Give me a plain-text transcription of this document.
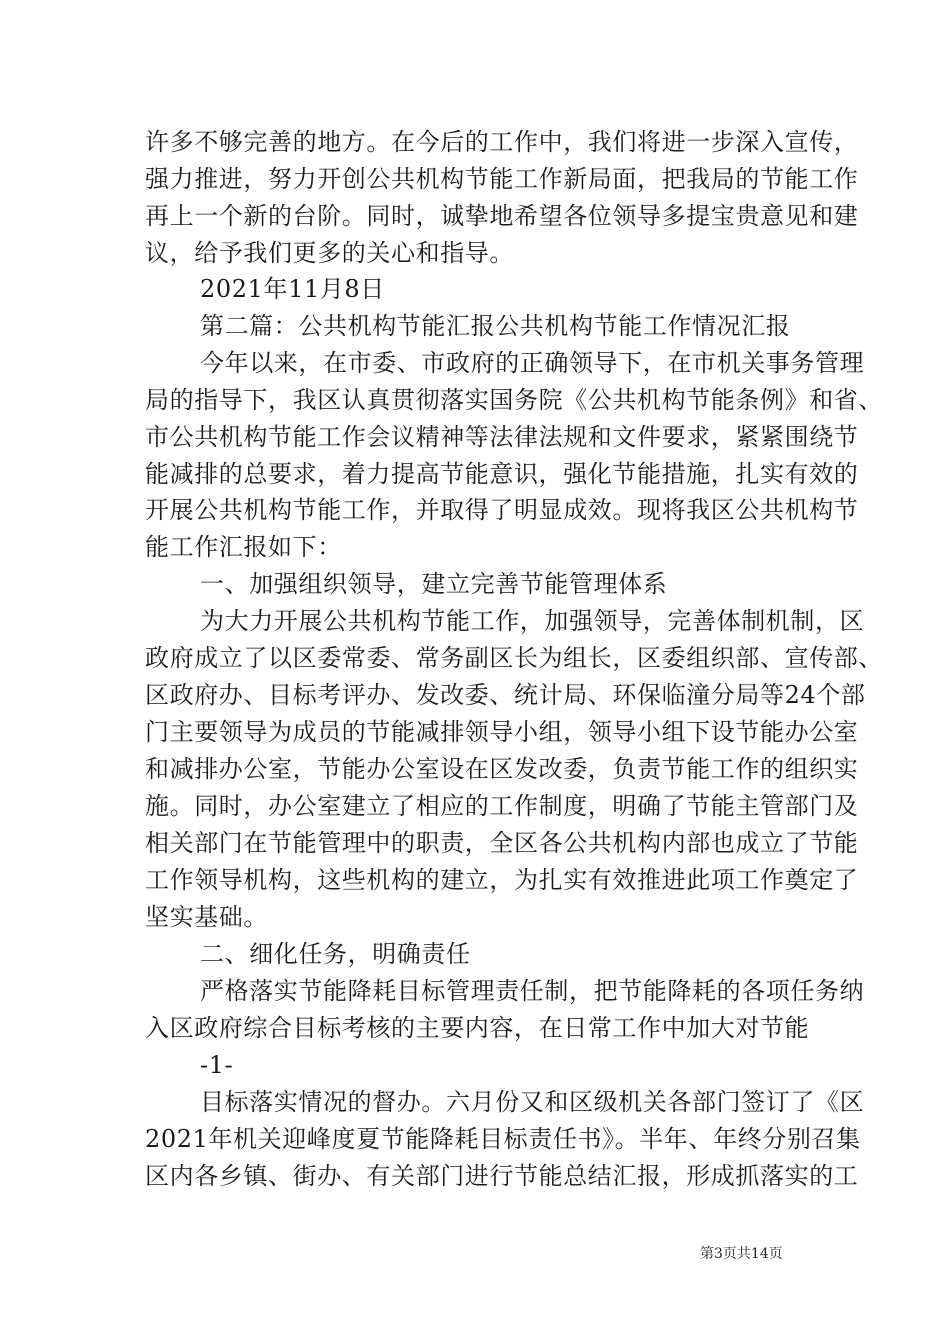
许多不够完善的地方。在今后的工作中，我们将进一步深入宣传，
强力推进，努力开创公共机构节能工作新局面，把我局的节能工作
再上一个新的台阶。同时，诚挚地希望各位领导多提宝贵意见和建
议，给予我们更多的关心和指导。
2021年11月8日
第二篇：公共机构节能汇报公共机构节能工作情况汇报
今年以来，在市委、市政府的正确领导下，在市机关事务管理
局的指导下，我区认真贯彻落实国务院《公共机构节能条例》和省、
市公共机构节能工作会议精神等法律法规和文件要求，紧紧围绕节
能减排的总要求，着力提高节能意识，强化节能措施，扎实有效的
开展公共机构节能工作，并取得了明显成效。现将我区公共机构节
能工作汇报如下：
一、加强组织领导，建立完善节能管理体系
为大力开展公共机构节能工作，加强领导，完善体制机制，区
政府成立了以区委常委、常务副区长为组长，区委组织部、宣传部、
区政府办、目标考评办、发改委、统计局、环保临潼分局等24个部
门主要领导为成员的节能减排领导小组，领导小组下设节能办公室
和减排办公室，节能办公室设在区发改委，负责节能工作的组织实
施。同时，办公室建立了相应的工作制度，明确了节能主管部门及
相关部门在节能管理中的职责，全区各公共机构内部也成立了节能
工作领导机构，这些机构的建立，为扎实有效推进此项工作奠定了
坚实基础。
二、细化任务，明确责任
严格落实节能降耗目标管理责任制，把节能降耗的各项任务纳
入区政府综合目标考核的主要内容，在日常工作中加大对节能
-1-
目标落实情况的督办。六月份又和区级机关各部门签订了《区
2021年机关迎峰度夏节能降耗目标责任书》。半年、年终分别召集
区内各乡镇、街办、有关部门进行节能总结汇报，形成抓落实的工
第3页共14页
